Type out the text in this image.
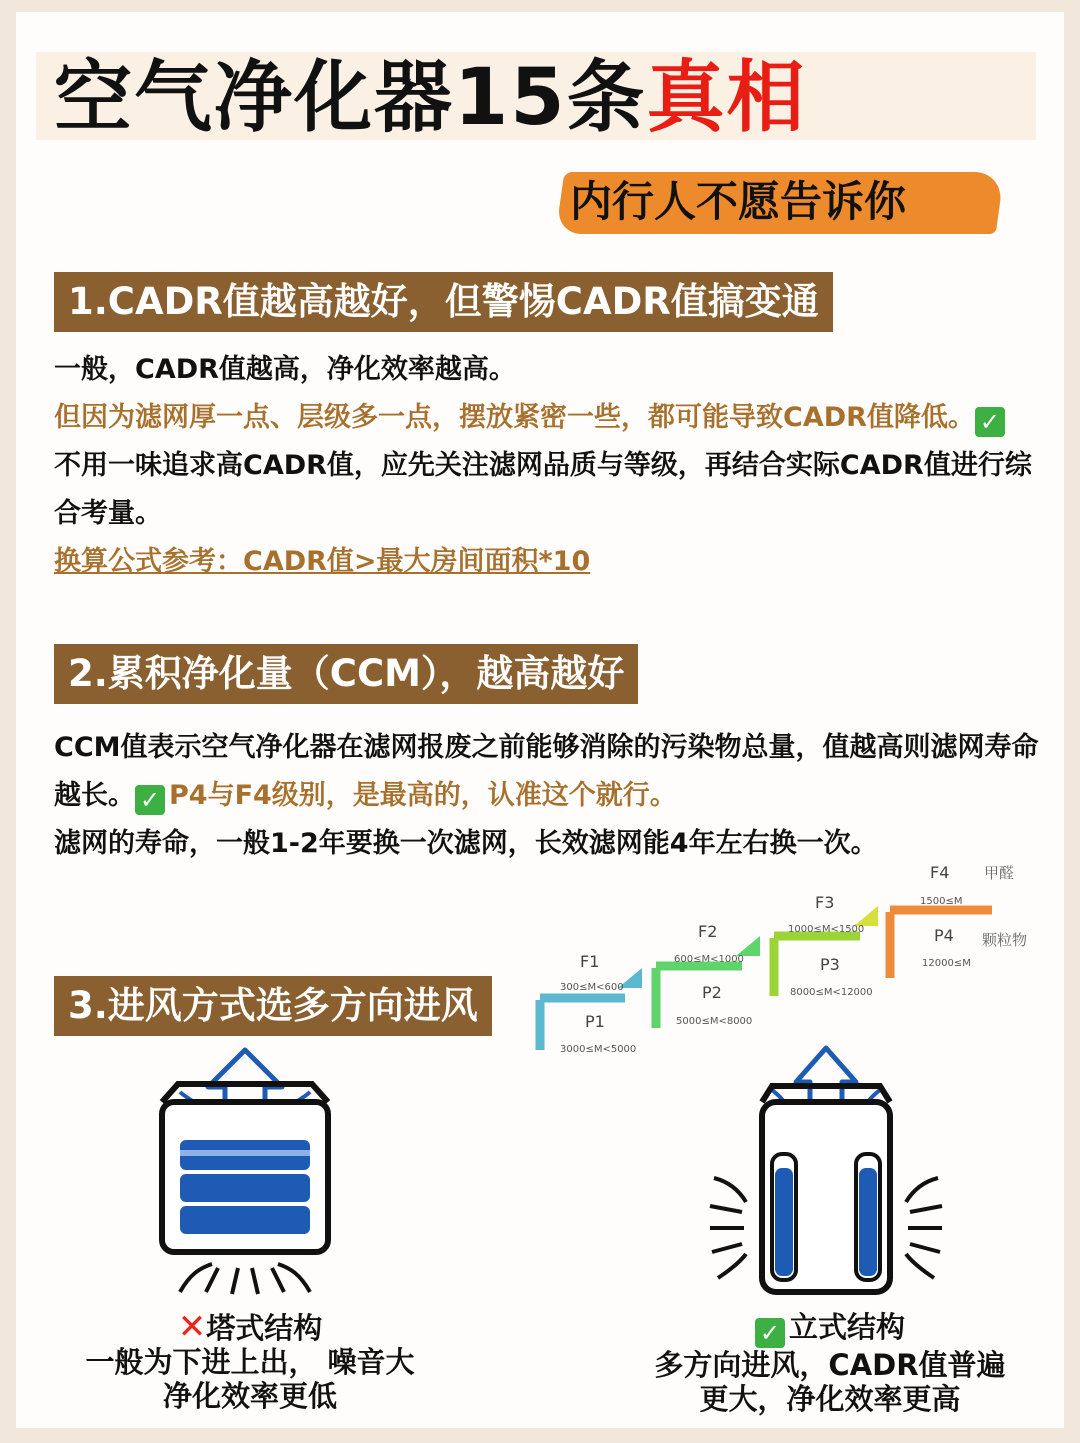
空气净化器15条真相
内行人不愿告诉你
1.CADR值越高越好，但警惕CADR值搞变通
一般，CADR值越高，净化效率越高。
但因为滤网厚一点、层级多一点，摆放紧密一些，都可能导致CADR值降低。 ✓不用一味追求高CADR值，应先关注滤网品质与等级，再结合实际CADR值进行综合考量。
换算公式参考：CADR值>最大房间面积*10
2.累积净化量（CCM），越高越好
CCM值表示空气净化器在滤网报废之前能够消除的污染物总量，值越高则滤网寿命越长。 ✓ P4与F4级别，是最高的，认准这个就行。
滤网的寿命，一般1-2年要换一次滤网，长效滤网能4年左右换一次。
F1
300≤M<600
P1
3000≤M<5000
F2
600≤M<1000
P2
5000≤M<8000
F3
1000≤M<1500
P3
8000≤M<12000
F4
1500≤M
P4
12000≤M
甲醛
颗粒物
3.进风方式选多方向进风
✕塔式结构
一般为下进上出， 噪音大
净化效率更低
✓ 立式结构
多方向进风，CADR值普遍
更大，净化效率更高
